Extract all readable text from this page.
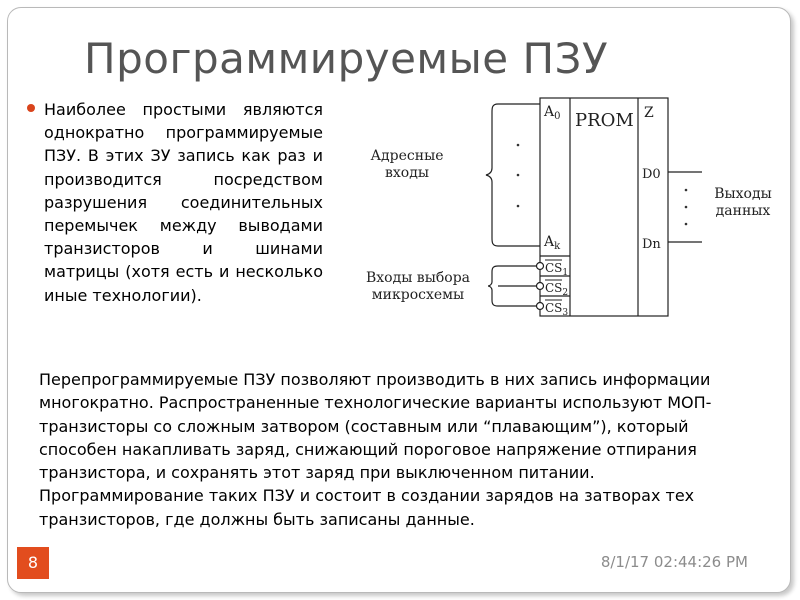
Программируемые ПЗУ
Наиболее простыми являются однократно программируемые ПЗУ. В этих ЗУ запись как раз и производится посредством разрушения соединительных перемычек между выводами транзисторов и шинами матрицы (хотя есть и несколько иные технологии).
Адресные
входы
Входы выбора
микросхемы
Выходы
данных
$A_0$
$A_k$
PROM Z
D0
Dn
$CS_1$
$CS_2$
$CS_3$
Перепрограммируемые ПЗУ позволяют производить в них запись информации многократно. Распространенные технологические варианты используют МОП-транзисторы со сложным затвором (составным или “плавающим”), который способен накапливать заряд, снижающий пороговое напряжение отпирания транзистора, и сохранять этот заряд при выключенном питании. Программирование таких ПЗУ и состоит в создании зарядов на затворах тех транзисторов, где должны быть записаны данные.
8	8/1/17 02:44:26 PM
